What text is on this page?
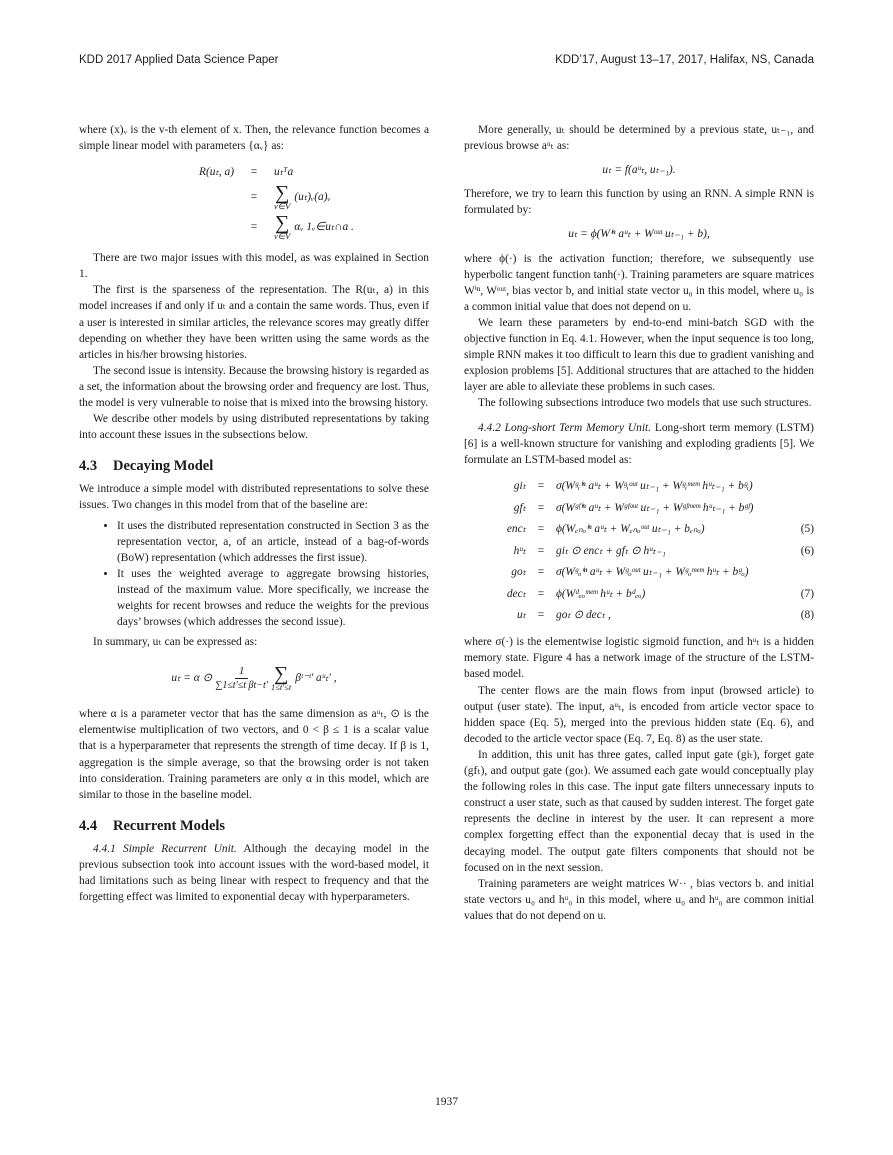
KDD 2017 Applied Data Science Paper	KDD’17, August 13–17, 2017, Halifax, NS, Canada

where (x)ᵥ is the v-th element of x. Then, the relevance function becomes a simple linear model with parameters {αᵥ} as:

R(uₜ, a)	=	uₜᵀa
= ∑
v∈V
(uₜ)ᵥ(a)ᵥ
= ∑
v∈V
αᵥ 1ᵥ∈uₜ∩a .

There are two major issues with this model, as was explained in Section 1.

The first is the sparseness of the representation. The R(uₜ, a) in this model increases if and only if uₜ and a contain the same words. Thus, even if a user is interested in similar articles, the relevance scores may greatly differ depending on whether they have been written using the same words as the articles in his/her browsing histories.

The second issue is intensity. Because the browsing history is regarded as a set, the information about the browsing order and frequency are lost. Thus, the model is very vulnerable to noise that is mixed into the browsing history.

We describe other models by using distributed representations by taking into account these issues in the subsections below.

4.3 Decaying Model

We introduce a simple model with distributed representations to solve these issues. Two changes in this model from that of the baseline are:

• It uses the distributed representation constructed in Section 3 as the representation vector, a, of an article, instead of a bag-of-words (BoW) representation (which addresses the first issue).
• It uses the weighted average to aggregate browsing histories, instead of the maximum value. More specifically, we increase the weights for recent browses and reduce the weights for the previous days’ browses (which addresses the second issue).

In summary, uₜ can be expressed as:

uₜ = α ⊙ $\frac{1}{\text{∑1≤t′≤t βt−t′}}$ ∑
1≤t′≤t
βᵗ⁻ᵗ′ aᵘₜ′ ,

where α is a parameter vector that has the same dimension as aᵘₜ, ⊙ is the elementwise multiplication of two vectors, and 0 < β ≤ 1 is a scalar value that is a hyperparameter that represents the strength of time decay. If β is 1, aggregation is the simple average, so that the browsing order is not taken into consideration. Training parameters are only α in this model, which are similar to those in the baseline model.

4.4 Recurrent Models

4.4.1 Simple Recurrent Unit. Although the decaying model in the previous subsection took into account issues with the word-based model, it had limitations such as being linear with respect to frequency and that the forgetting effect was limited to exponential decay with hyperparameters.

More generally, uₜ should be determined by a previous state, uₜ₋₁, and previous browse aᵘₜ as:

uₜ = f(aᵘₜ, uₜ₋₁).

Therefore, we try to learn this function by using an RNN. A simple RNN is formulated by:

uₜ = ϕ(Wⁱⁿ aᵘₜ + Wᵒᵘᵗ uₜ₋₁ + b),

where ϕ(·) is the activation function; therefore, we subsequently use hyperbolic tangent function tanh(·). Training parameters are square matrices Wⁱⁿ, Wᵒᵘᵗ, bias vector b, and initial state vector u₀ in this model, where u₀ is a common initial value that does not depend on u.

We learn these parameters by end-to-end mini-batch SGD with the objective function in Eq. 4.1. However, when the input sequence is too long, simple RNN makes it too difficult to learn this due to gradient vanishing and explosion problems [5]. Additional structures that are attached to the hidden layer are able to alleviate these problems in such cases.

The following subsections introduce two models that use such structures.

4.4.2 Long-short Term Memory Unit. Long-short term memory (LSTM) [6] is a well-known structure for vanishing and exploding gradients [5]. We formulate an LSTM-based model as:

giₜ	=	σ(Wᵍᵢⁱⁿ aᵘₜ + Wᵍᵢᵒᵘᵗ uₜ₋₁ + Wᵍᵢᵐᵉᵐ hᵘₜ₋₁ + bᵍᵢ)
gfₜ	=	σ(Wᵍᶠⁱⁿ aᵘₜ + Wᵍᶠᵒᵘᵗ uₜ₋₁ + Wᵍᶠᵐᵉᵐ hᵘₜ₋₁ + bᵍᶠ)
encₜ	=	ϕ(Wₑₙₒⁱⁿ aᵘₜ + Wₑₙₒᵒᵘᵗ uₜ₋₁ + bₑₙₒ)	(5)
hᵘₜ	=	giₜ ⊙ encₜ + gfₜ ⊙ hᵘₜ₋₁	(6)
goₜ	=	σ(Wᵍₒⁱⁿ aᵘₜ + Wᵍₒᵒᵘᵗ uₜ₋₁ + Wᵍₒᵐᵉᵐ hᵘₜ + bᵍₒ)
decₜ	=	ϕ(Wᵈₑₒᵐᵉᵐ hᵘₜ + bᵈₑₒ)	(7)
uₜ	=	goₜ ⊙ decₜ ,	(8)

where σ(·) is the elementwise logistic sigmoid function, and hᵘₜ is a hidden memory state. Figure 4 has a network image of the structure of the LSTM-based model.

The center flows are the main flows from input (browsed article) to output (user state). The input, aᵘₜ, is encoded from article vector space to hidden space (Eq. 5), merged into the previous hidden state (Eq. 6), and decoded to the article vector space (Eq. 7, Eq. 8) as the user state.

In addition, this unit has three gates, called input gate (giₜ), forget gate (gfₜ), and output gate (goₜ). We assumed each gate would conceptually play the following roles in this case. The input gate filters unnecessary inputs to construct a user state, such as that caused by sudden interest. The forget gate represents the decline in interest by the user. It can represent a more complex forgetting effect than the exponential decay that is used in the decaying model. The output gate filters components that should not be focused on in the next session.

Training parameters are weight matrices W·· , bias vectors b. and initial state vectors u₀ and hᵘ₀ in this model, where u₀ and hᵘ₀ are common initial values that do not depend on u.

1937
